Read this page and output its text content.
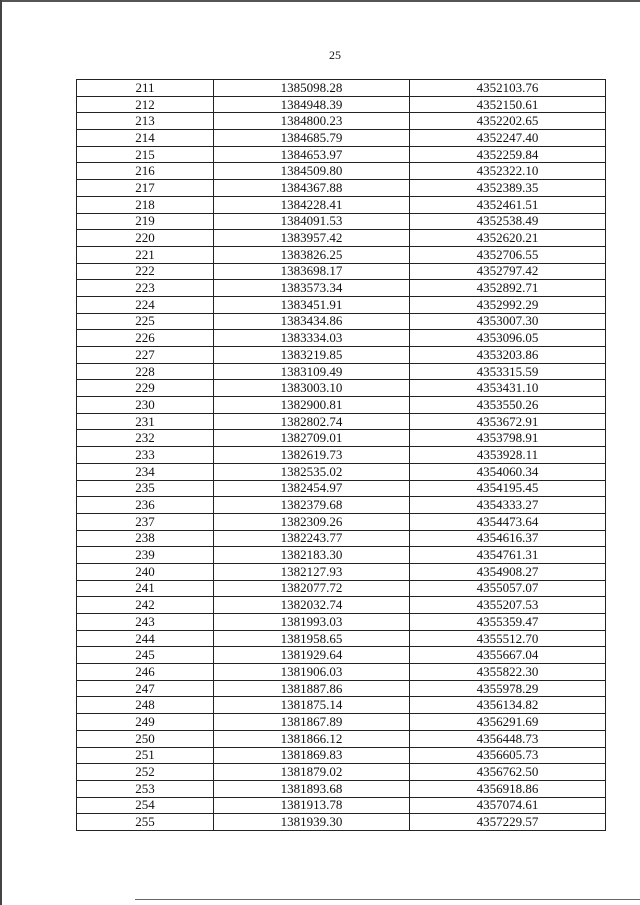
25
211	1385098.28	4352103.76
212	1384948.39	4352150.61
213	1384800.23	4352202.65
214	1384685.79	4352247.40
215	1384653.97	4352259.84
216	1384509.80	4352322.10
217	1384367.88	4352389.35
218	1384228.41	4352461.51
219	1384091.53	4352538.49
220	1383957.42	4352620.21
221	1383826.25	4352706.55
222	1383698.17	4352797.42
223	1383573.34	4352892.71
224	1383451.91	4352992.29
225	1383434.86	4353007.30
226	1383334.03	4353096.05
227	1383219.85	4353203.86
228	1383109.49	4353315.59
229	1383003.10	4353431.10
230	1382900.81	4353550.26
231	1382802.74	4353672.91
232	1382709.01	4353798.91
233	1382619.73	4353928.11
234	1382535.02	4354060.34
235	1382454.97	4354195.45
236	1382379.68	4354333.27
237	1382309.26	4354473.64
238	1382243.77	4354616.37
239	1382183.30	4354761.31
240	1382127.93	4354908.27
241	1382077.72	4355057.07
242	1382032.74	4355207.53
243	1381993.03	4355359.47
244	1381958.65	4355512.70
245	1381929.64	4355667.04
246	1381906.03	4355822.30
247	1381887.86	4355978.29
248	1381875.14	4356134.82
249	1381867.89	4356291.69
250	1381866.12	4356448.73
251	1381869.83	4356605.73
252	1381879.02	4356762.50
253	1381893.68	4356918.86
254	1381913.78	4357074.61
255	1381939.30	4357229.57
